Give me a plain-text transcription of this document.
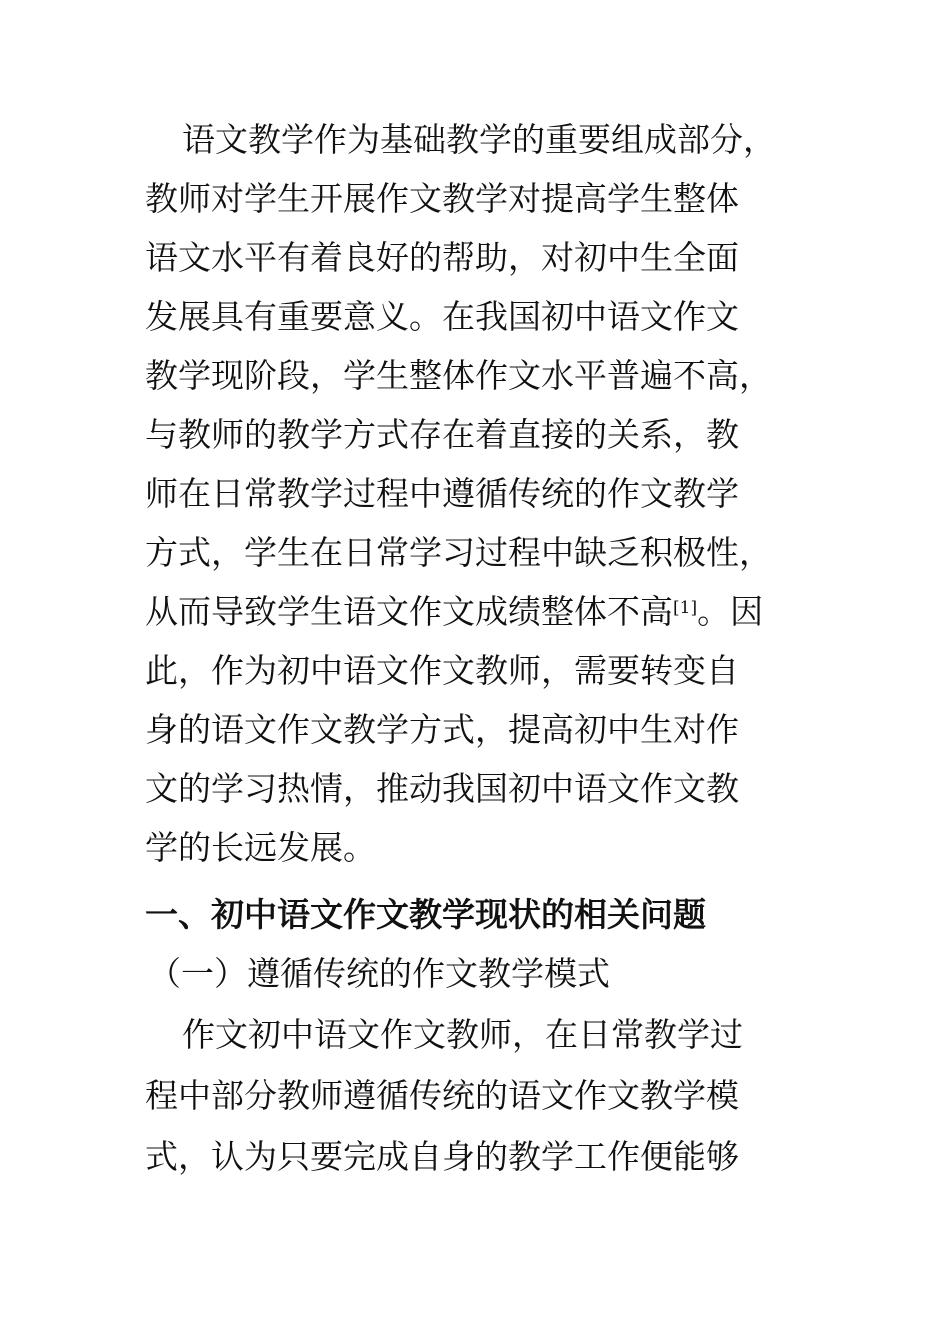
语文教学作为基础教学的重要组成部分，
教师对学生开展作文教学对提高学生整体
语文水平有着良好的帮助，对初中生全面
发展具有重要意义。在我国初中语文作文
教学现阶段，学生整体作文水平普遍不高，
与教师的教学方式存在着直接的关系，教
师在日常教学过程中遵循传统的作文教学
方式，学生在日常学习过程中缺乏积极性，
从而导致学生语文作文成绩整体不高[1]。因
此，作为初中语文作文教师，需要转变自
身的语文作文教学方式，提高初中生对作
文的学习热情，推动我国初中语文作文教
学的长远发展。
一、初中语文作文教学现状的相关问题
（一）遵循传统的作文教学模式
作文初中语文作文教师，在日常教学过
程中部分教师遵循传统的语文作文教学模
式，认为只要完成自身的教学工作便能够
